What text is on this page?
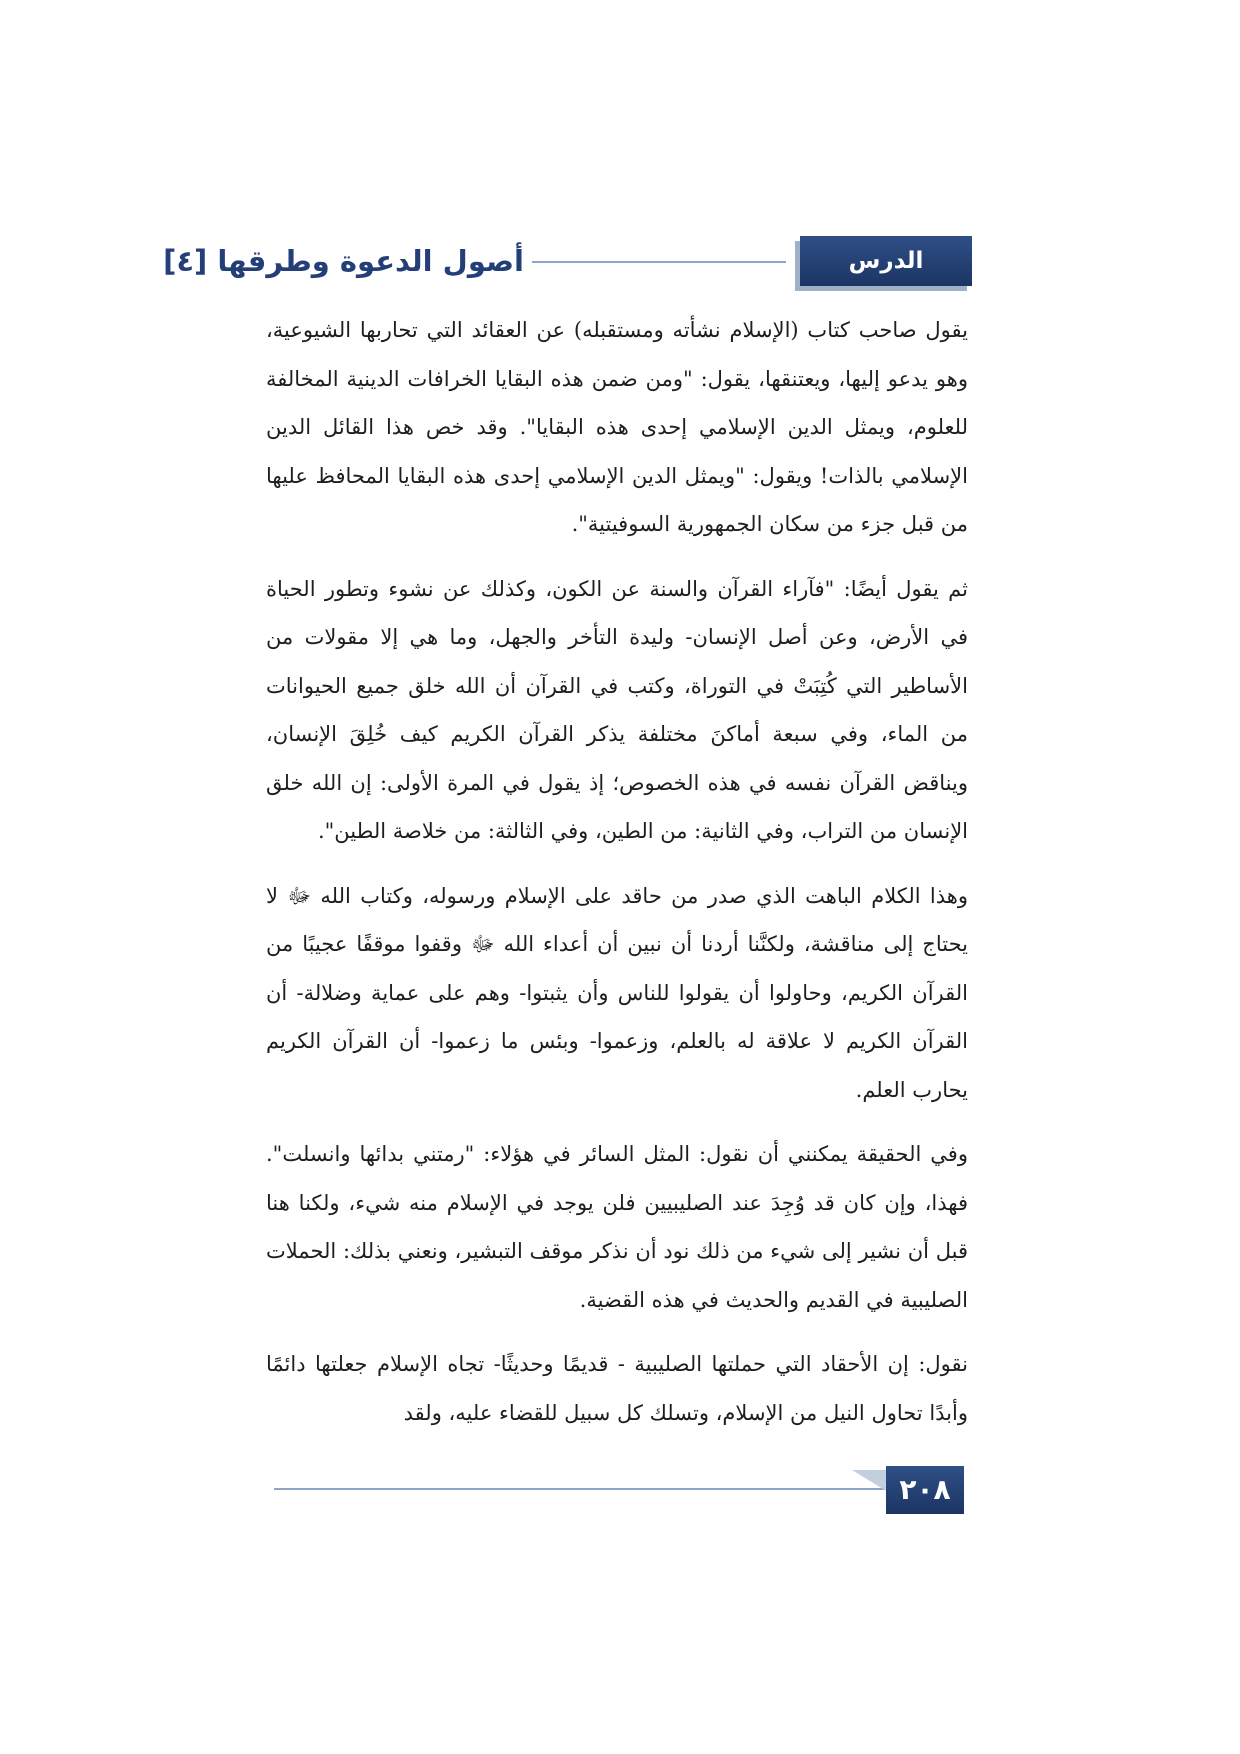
الدرس السادس
أصول الدعوة وطرقها [٤]

يقول صاحب كتاب (الإسلام نشأته ومستقبله) عن العقائد التي تحاربها الشيوعية، وهو يدعو إليها، ويعتنقها، يقول: "ومن ضمن هذه البقايا الخرافات الدينية المخالفة للعلوم، ويمثل الدين الإسلامي إحدى هذه البقايا". وقد خص هذا القائل الدين الإسلامي بالذات! ويقول: "ويمثل الدين الإسلامي إحدى هذه البقايا المحافظ عليها من قبل جزء من سكان الجمهورية السوفيتية".

ثم يقول أيضًا: "فآراء القرآن والسنة عن الكون، وكذلك عن نشوء وتطور الحياة في الأرض، وعن أصل الإنسان- وليدة التأخر والجهل، وما هي إلا مقولات من الأساطير التي كُتِبَتْ في التوراة، وكتب في القرآن أن الله خلق جميع الحيوانات من الماء، وفي سبعة أماكنَ مختلفة يذكر القرآن الكريم كيف خُلِقَ الإنسان، ويناقض القرآن نفسه في هذه الخصوص؛ إذ يقول في المرة الأولى: إن الله خلق الإنسان من التراب، وفي الثانية: من الطين، وفي الثالثة: من خلاصة الطين".

وهذا الكلام الباهت الذي صدر من حاقد على الإسلام ورسوله، وكتاب الله ﷻ لا يحتاج إلى مناقشة، ولكنَّنا أردنا أن نبين أن أعداء الله ﷻ وقفوا موقفًا عجيبًا من القرآن الكريم، وحاولوا أن يقولوا للناس وأن يثبتوا- وهم على عماية وضلالة- أن القرآن الكريم لا علاقة له بالعلم، وزعموا- وبئس ما زعموا- أن القرآن الكريم يحارب العلم.

وفي الحقيقة يمكنني أن نقول: المثل السائر في هؤلاء: "رمتني بدائها وانسلت". فهذا، وإن كان قد وُجِدَ عند الصليبيين فلن يوجد في الإسلام منه شيء، ولكنا هنا قبل أن نشير إلى شيء من ذلك نود أن نذكر موقف التبشير، ونعني بذلك: الحملات الصليبية في القديم والحديث في هذه القضية.

نقول: إن الأحقاد التي حملتها الصليبية - قديمًا وحديثًا- تجاه الإسلام جعلتها دائمًا وأبدًا تحاول النيل من الإسلام، وتسلك كل سبيل للقضاء عليه، ولقد

٢٠٨
